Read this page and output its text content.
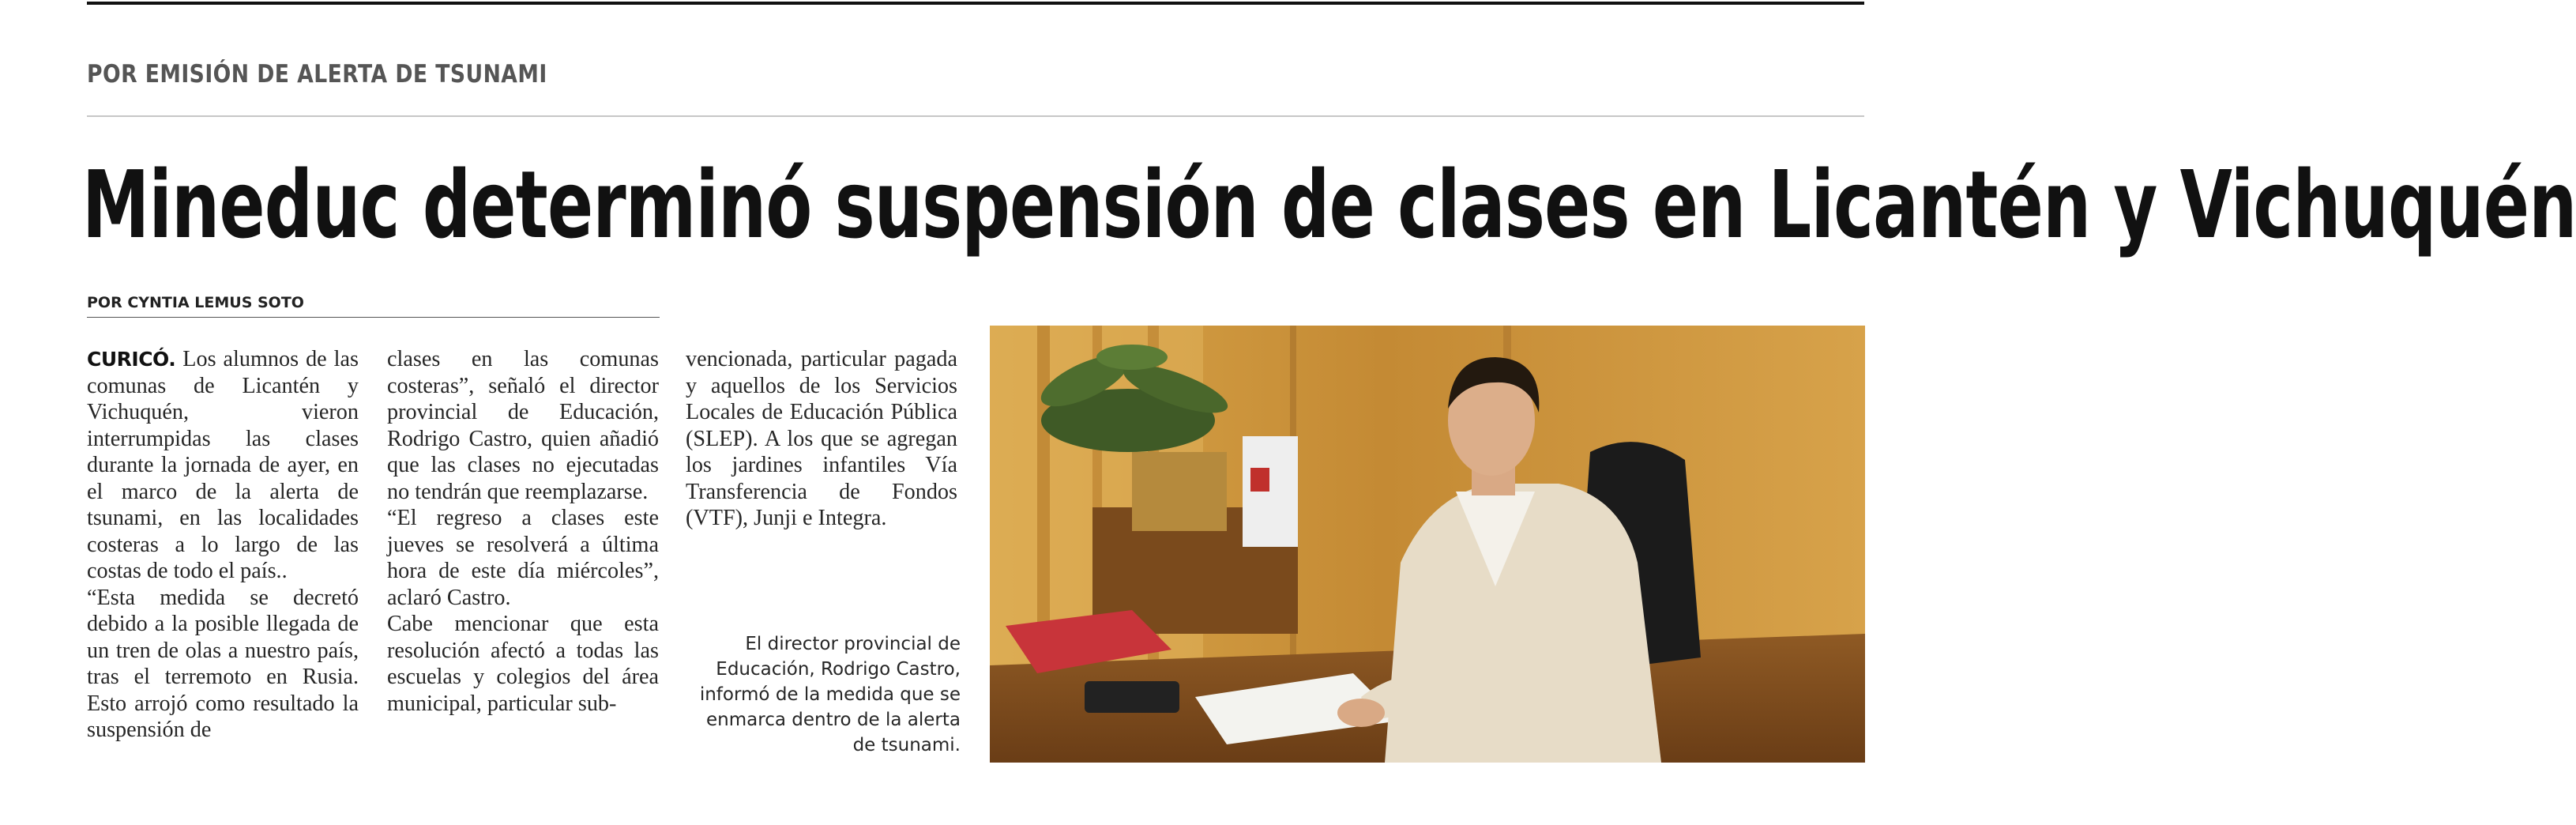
POR EMISIÓN DE ALERTA DE TSUNAMI
Mineduc determinó suspensión de clases en Licantén y Vichuquén
POR CYNTIA LEMUS SOTO

CURICÓ. Los alumnos de las comunas de Licantén y Vichuquén, vieron interrumpidas las clases durante la jornada de ayer, en el marco de la alerta de tsunami, en las localidades costeras a lo largo de las costas de todo el país..

“Esta medida se decretó debido a la posible llegada de un tren de olas a nuestro país, tras el terremoto en Rusia. Esto arrojó como resultado la suspensión de

clases en las comunas costeras”, señaló el director provincial de Educación, Rodrigo Castro, quien añadió que las clases no ejecutadas no tendrán que reemplazarse.

“El regreso a clases este jueves se resolverá a última hora de este día miércoles”, aclaró Castro.

Cabe mencionar que esta resolución afectó a todas las escuelas y colegios del área municipal, particular sub-

vencionada, particular pagada y aquellos de los Servicios Locales de Educación Pública (SLEP). A los que se agregan los jardines infantiles Vía Transferencia de Fondos (VTF), Junji e Integra.

El director provincial de Educación, Rodrigo Castro, informó de la medida que se enmarca dentro de la alerta de tsunami.
